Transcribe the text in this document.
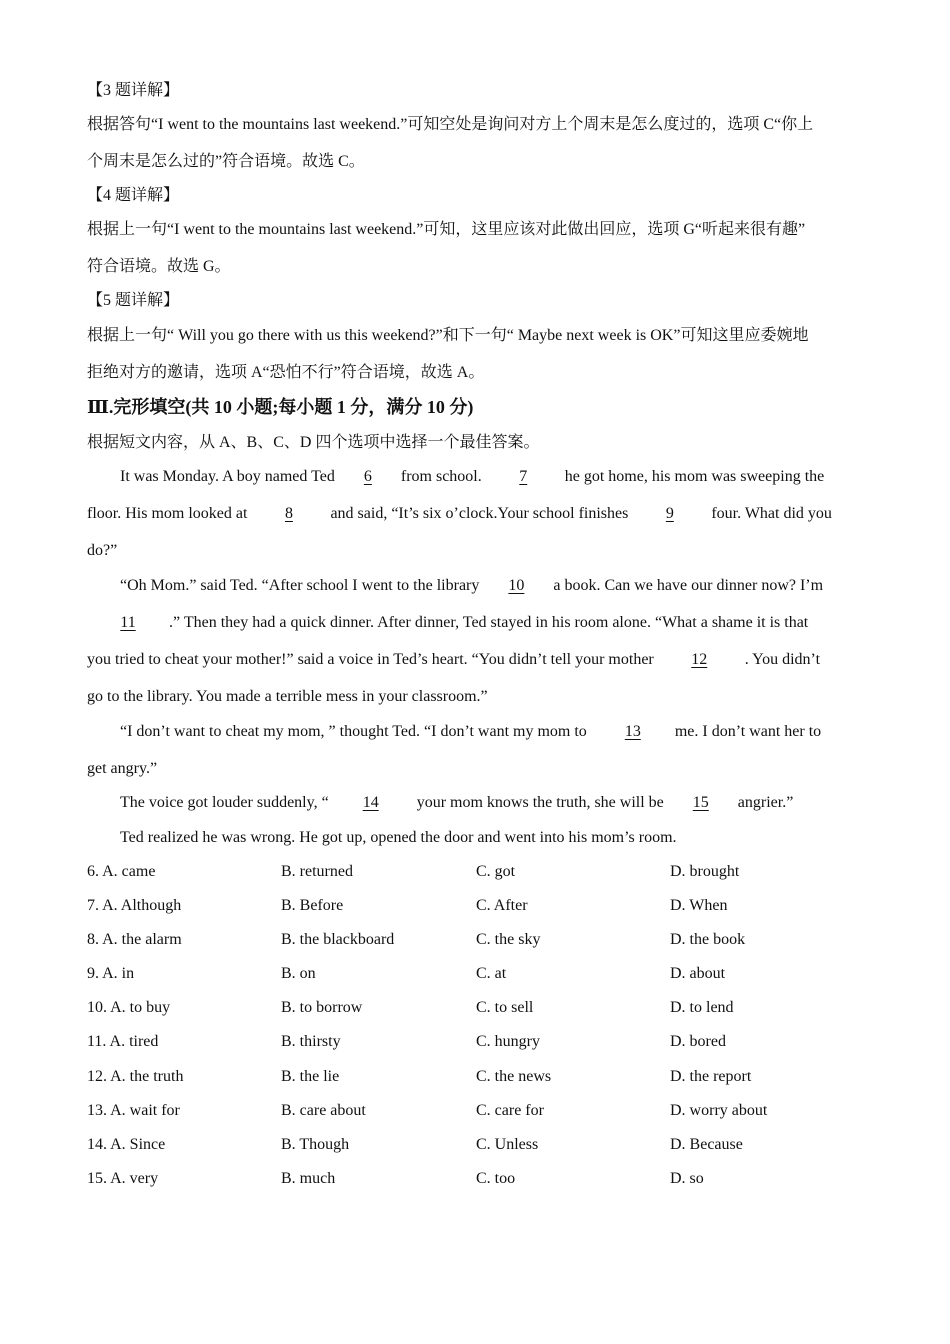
【3 题详解】
根据答句“I went to the mountains last weekend.”可知空处是询问对方上个周末是怎么度过的，选项 C“你上
个周末是怎么过的”符合语境。故选 C。
【4 题详解】
根据上一句“I went to the mountains last weekend.”可知，这里应该对此做出回应，选项 G“听起来很有趣”
符合语境。故选 G。
【5 题详解】
根据上一句“ Will you go there with us this weekend?”和下一句“ Maybe next week is OK”可知这里应委婉地
拒绝对方的邀请，选项 A“恐怕不行”符合语境，故选 A。
Ⅲ.完形填空(共 10 小题;每小题 1 分，满分 10 分)
根据短文内容，从 A、B、C、D 四个选项中选择一个最佳答案。
It was Monday. A boy named Ted 6 from school. 7 he got home, his mom was sweeping the
floor. His mom looked at 8 and said, “It’s six o’clock.Your school finishes 9 four. What did you
do?”
“Oh Mom.” said Ted. “After school I went to the library 10 a book. Can we have our dinner now? I’m
11 .” Then they had a quick dinner. After dinner, Ted stayed in his room alone. “What a shame it is that
you tried to cheat your mother!” said a voice in Ted’s heart. “You didn’t tell your mother 12 . You didn’t
go to the library. You made a terrible mess in your classroom.”
“I don’t want to cheat my mom, ” thought Ted. “I don’t want my mom to 13 me. I don’t want her to
get angry.”
The voice got louder suddenly, “ 14 your mom knows the truth, she will be 15 angrier.”
Ted realized he was wrong. He got up, opened the door and went into his mom’s room.
6. A. came	B. returned	C. got	D. brought
7. A. Although	B. Before	C. After	D. When
8. A. the alarm	B. the blackboard	C. the sky	D. the book
9. A. in	B. on	C. at	D. about
10. A. to buy	B. to borrow	C. to sell	D. to lend
11. A. tired	B. thirsty	C. hungry	D. bored
12. A. the truth	B. the lie	C. the news	D. the report
13. A. wait for	B. care about	C. care for	D. worry about
14. A. Since	B. Though	C. Unless	D. Because
15. A. very	B. much	C. too	D. so
